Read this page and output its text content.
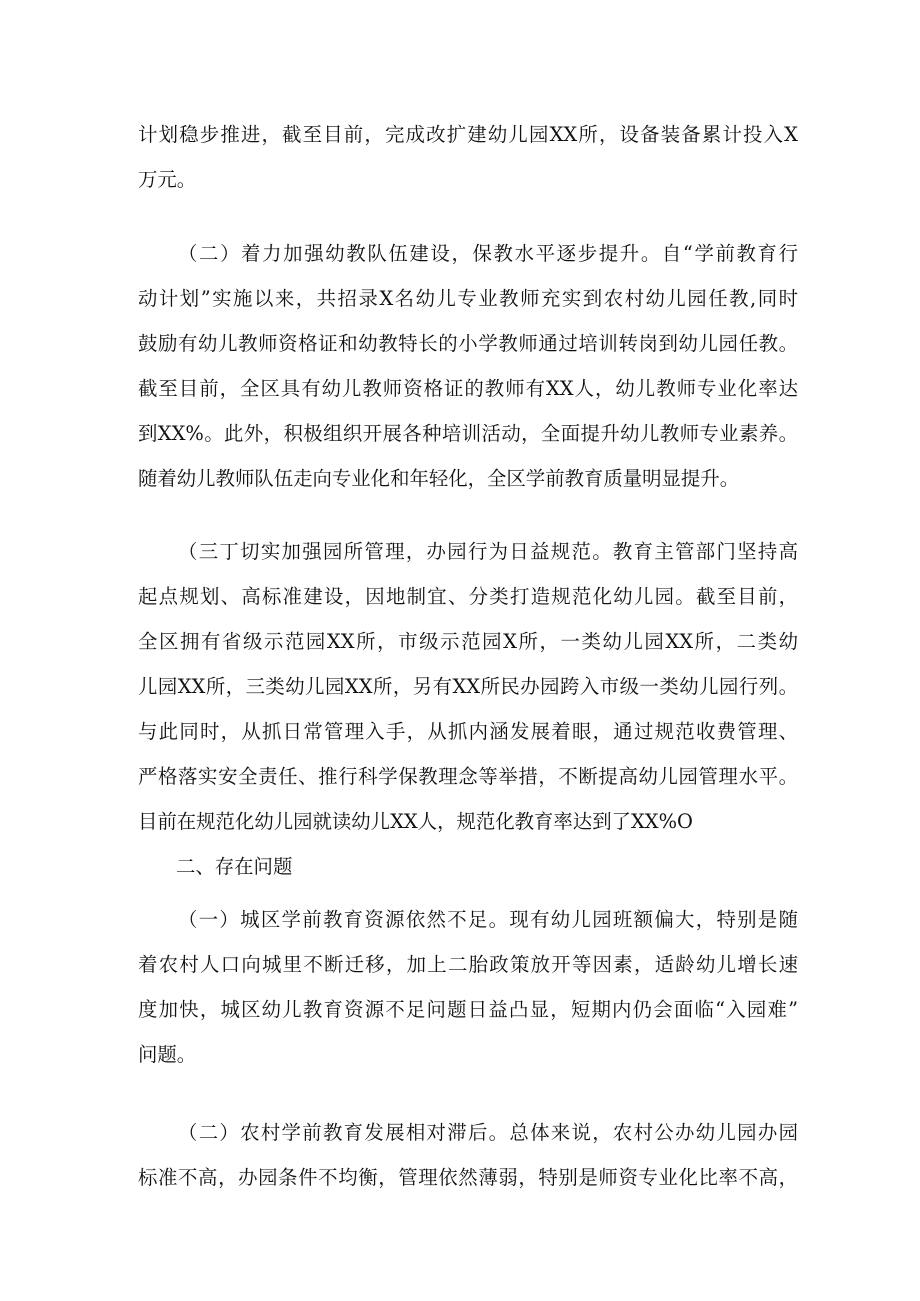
计划稳步推进，截至目前，完成改扩建幼儿园XX所，设备装备累计投入X
万元。
（二）着力加强幼教队伍建设，保教水平逐步提升。自“学前教育行
动计划”实施以来，共招录X名幼儿专业教师充实到农村幼儿园任教,同时
鼓励有幼儿教师资格证和幼教特长的小学教师通过培训转岗到幼儿园任教。
截至目前，全区具有幼儿教师资格证的教师有XX人，幼儿教师专业化率达
到XX%。此外，积极组织开展各种培训活动，全面提升幼儿教师专业素养。
随着幼儿教师队伍走向专业化和年轻化，全区学前教育质量明显提升。
（三丁切实加强园所管理，办园行为日益规范。教育主管部门坚持高
起点规划、高标准建设，因地制宜、分类打造规范化幼儿园。截至目前，
全区拥有省级示范园XX所，市级示范园X所，一类幼儿园XX所，二类幼
儿园XX所，三类幼儿园XX所，另有XX所民办园跨入市级一类幼儿园行列。
与此同时，从抓日常管理入手，从抓内涵发展着眼，通过规范收费管理、
严格落实安全责任、推行科学保教理念等举措，不断提高幼儿园管理水平。
目前在规范化幼儿园就读幼儿XX人，规范化教育率达到了XX%O
二、存在问题
（一）城区学前教育资源依然不足。现有幼儿园班额偏大，特别是随
着农村人口向城里不断迁移，加上二胎政策放开等因素，适龄幼儿增长速
度加快，城区幼儿教育资源不足问题日益凸显，短期内仍会面临“入园难”
问题。
（二）农村学前教育发展相对滞后。总体来说，农村公办幼儿园办园
标准不高，办园条件不均衡，管理依然薄弱，特别是师资专业化比率不高，
